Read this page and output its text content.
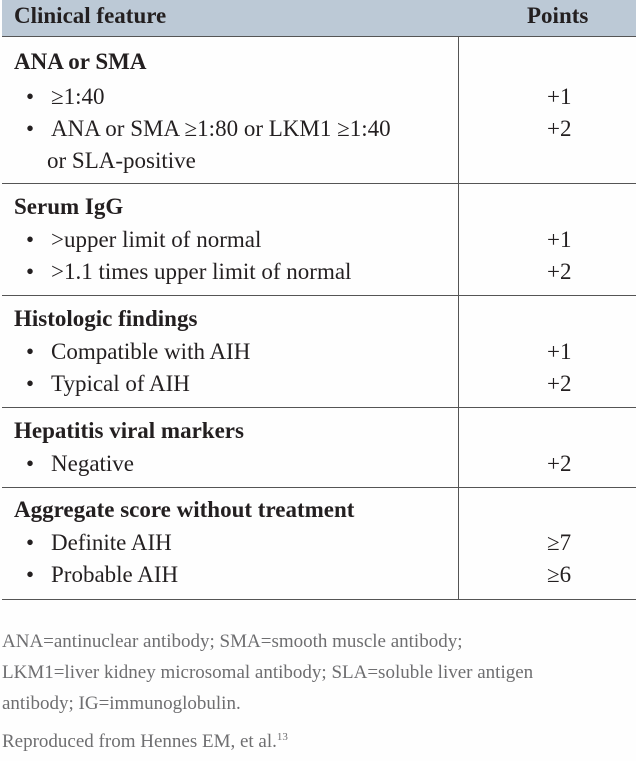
Clinical feature	Points
ANA or SMA
• ≥1:40	+1
• ANA or SMA ≥1:80 or LKM1 ≥1:40	+2
or SLA-positive
Serum IgG
• >upper limit of normal	+1
• >1.1 times upper limit of normal	+2
Histologic findings
• Compatible with AIH	+1
• Typical of AIH	+2
Hepatitis viral markers
• Negative	+2
Aggregate score without treatment
• Definite AIH	≥7
• Probable AIH	≥6
ANA=antinuclear antibody; SMA=smooth muscle antibody;
LKM1=liver kidney microsomal antibody; SLA=soluble liver antigen
antibody; IG=immunoglobulin.
Reproduced from Hennes EM, et al.$^{13}$
